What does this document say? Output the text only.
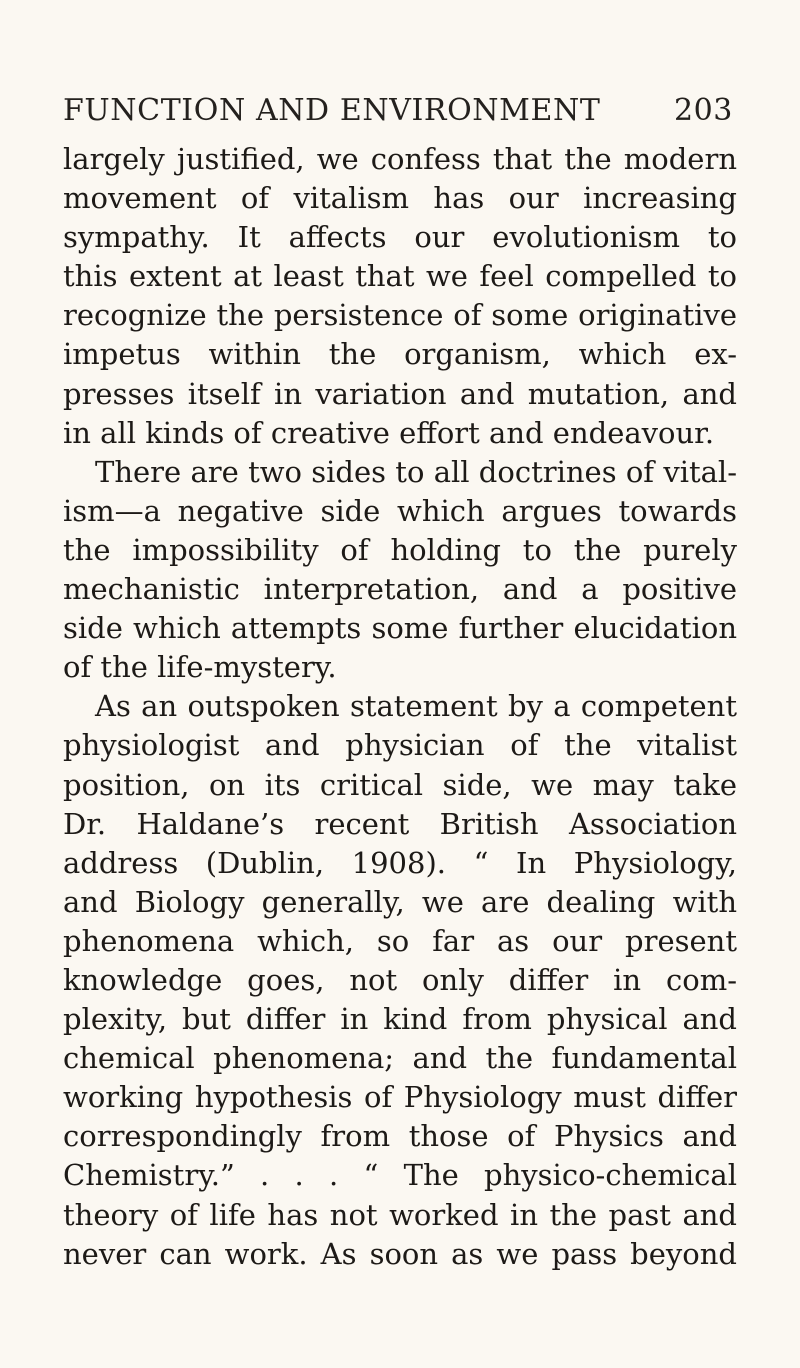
FUNCTION AND ENVIRONMENT 203
largely justified, we confess that the modern
movement of vitalism has our increasing
sympathy. It affects our evolutionism to
this extent at least that we feel compelled to
recognize the persistence of some originative
impetus within the organism, which ex-
presses itself in variation and mutation, and
in all kinds of creative effort and endeavour.
There are two sides to all doctrines of vital-
ism—a negative side which argues towards
the impossibility of holding to the purely
mechanistic interpretation, and a positive
side which attempts some further elucidation
of the life-mystery.
As an outspoken statement by a competent
physiologist and physician of the vitalist
position, on its critical side, we may take
Dr. Haldane’s recent British Association
address (Dublin, 1908). “ In Physiology,
and Biology generally, we are dealing with
phenomena which, so far as our present
knowledge goes, not only differ in com-
plexity, but differ in kind from physical and
chemical phenomena; and the fundamental
working hypothesis of Physiology must differ
correspondingly from those of Physics and
Chemistry.” . . . “ The physico-chemical
theory of life has not worked in the past and
never can work. As soon as we pass beyond
